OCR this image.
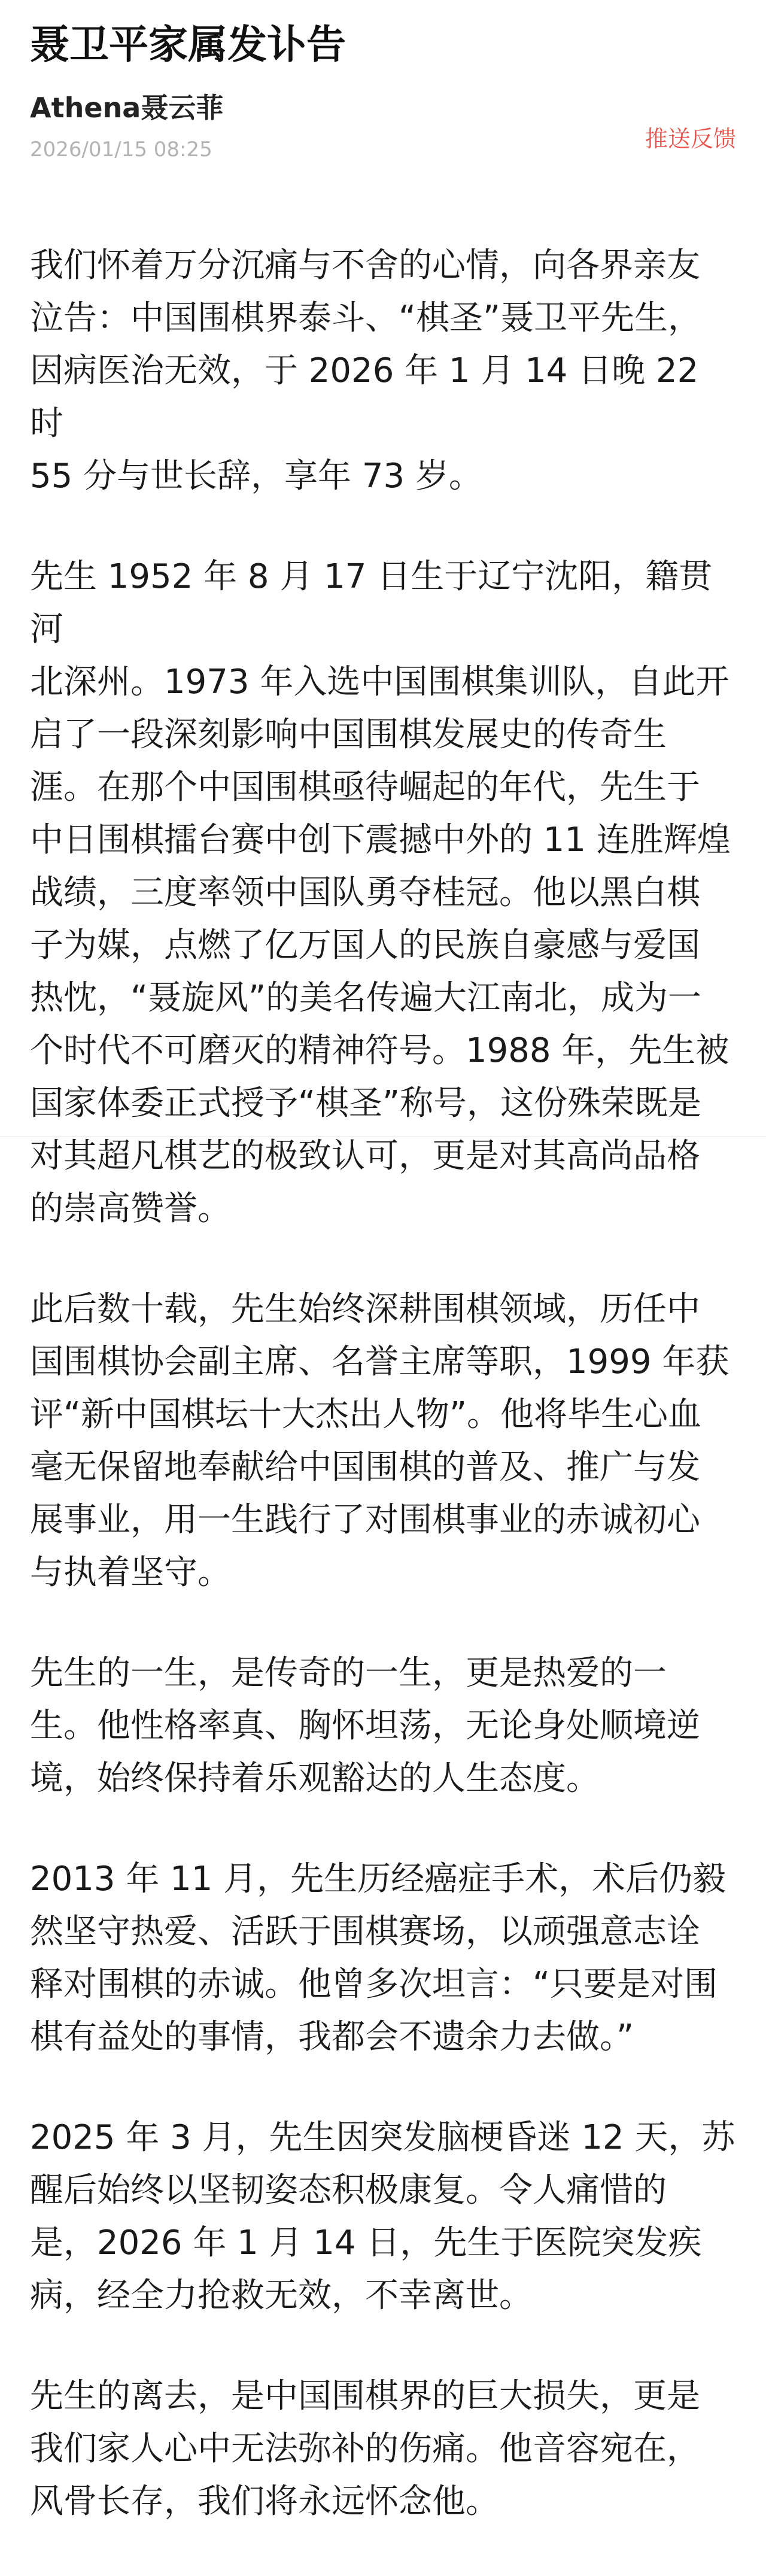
聂卫平家属发讣告
Athena聂云菲
2026/01/15 08:25	推送反馈

我们怀着万分沉痛与不舍的心情，向各界亲友
泣告：中国围棋界泰斗、“棋圣”聂卫平先生，
因病医治无效，于 2026 年 1 月 14 日晚 22 时
55 分与世长辞，享年 73 岁。

先生 1952 年 8 月 17 日生于辽宁沈阳，籍贯河
北深州。1973 年入选中国围棋集训队，自此开
启了一段深刻影响中国围棋发展史的传奇生
涯。在那个中国围棋亟待崛起的年代，先生于
中日围棋擂台赛中创下震撼中外的 11 连胜辉煌
战绩，三度率领中国队勇夺桂冠。他以黑白棋
子为媒，点燃了亿万国人的民族自豪感与爱国
热忱，“聂旋风”的美名传遍大江南北，成为一
个时代不可磨灭的精神符号。1988 年，先生被
国家体委正式授予“棋圣”称号，这份殊荣既是
对其超凡棋艺的极致认可，更是对其高尚品格
的崇高赞誉。

此后数十载，先生始终深耕围棋领域，历任中
国围棋协会副主席、名誉主席等职，1999 年获
评“新中国棋坛十大杰出人物”。他将毕生心血
毫无保留地奉献给中国围棋的普及、推广与发
展事业，用一生践行了对围棋事业的赤诚初心
与执着坚守。

先生的一生，是传奇的一生，更是热爱的一
生。他性格率真、胸怀坦荡，无论身处顺境逆
境，始终保持着乐观豁达的人生态度。

2013 年 11 月，先生历经癌症手术，术后仍毅
然坚守热爱、活跃于围棋赛场，以顽强意志诠
释对围棋的赤诚。他曾多次坦言：“只要是对围
棋有益处的事情，我都会不遗余力去做。”

2025 年 3 月，先生因突发脑梗昏迷 12 天，苏
醒后始终以坚韧姿态积极康复。令人痛惜的
是，2026 年 1 月 14 日，先生于医院突发疾
病，经全力抢救无效，不幸离世。

先生的离去，是中国围棋界的巨大损失，更是
我们家人心中无法弥补的伤痛。他音容宛在，
风骨长存，我们将永远怀念他。
